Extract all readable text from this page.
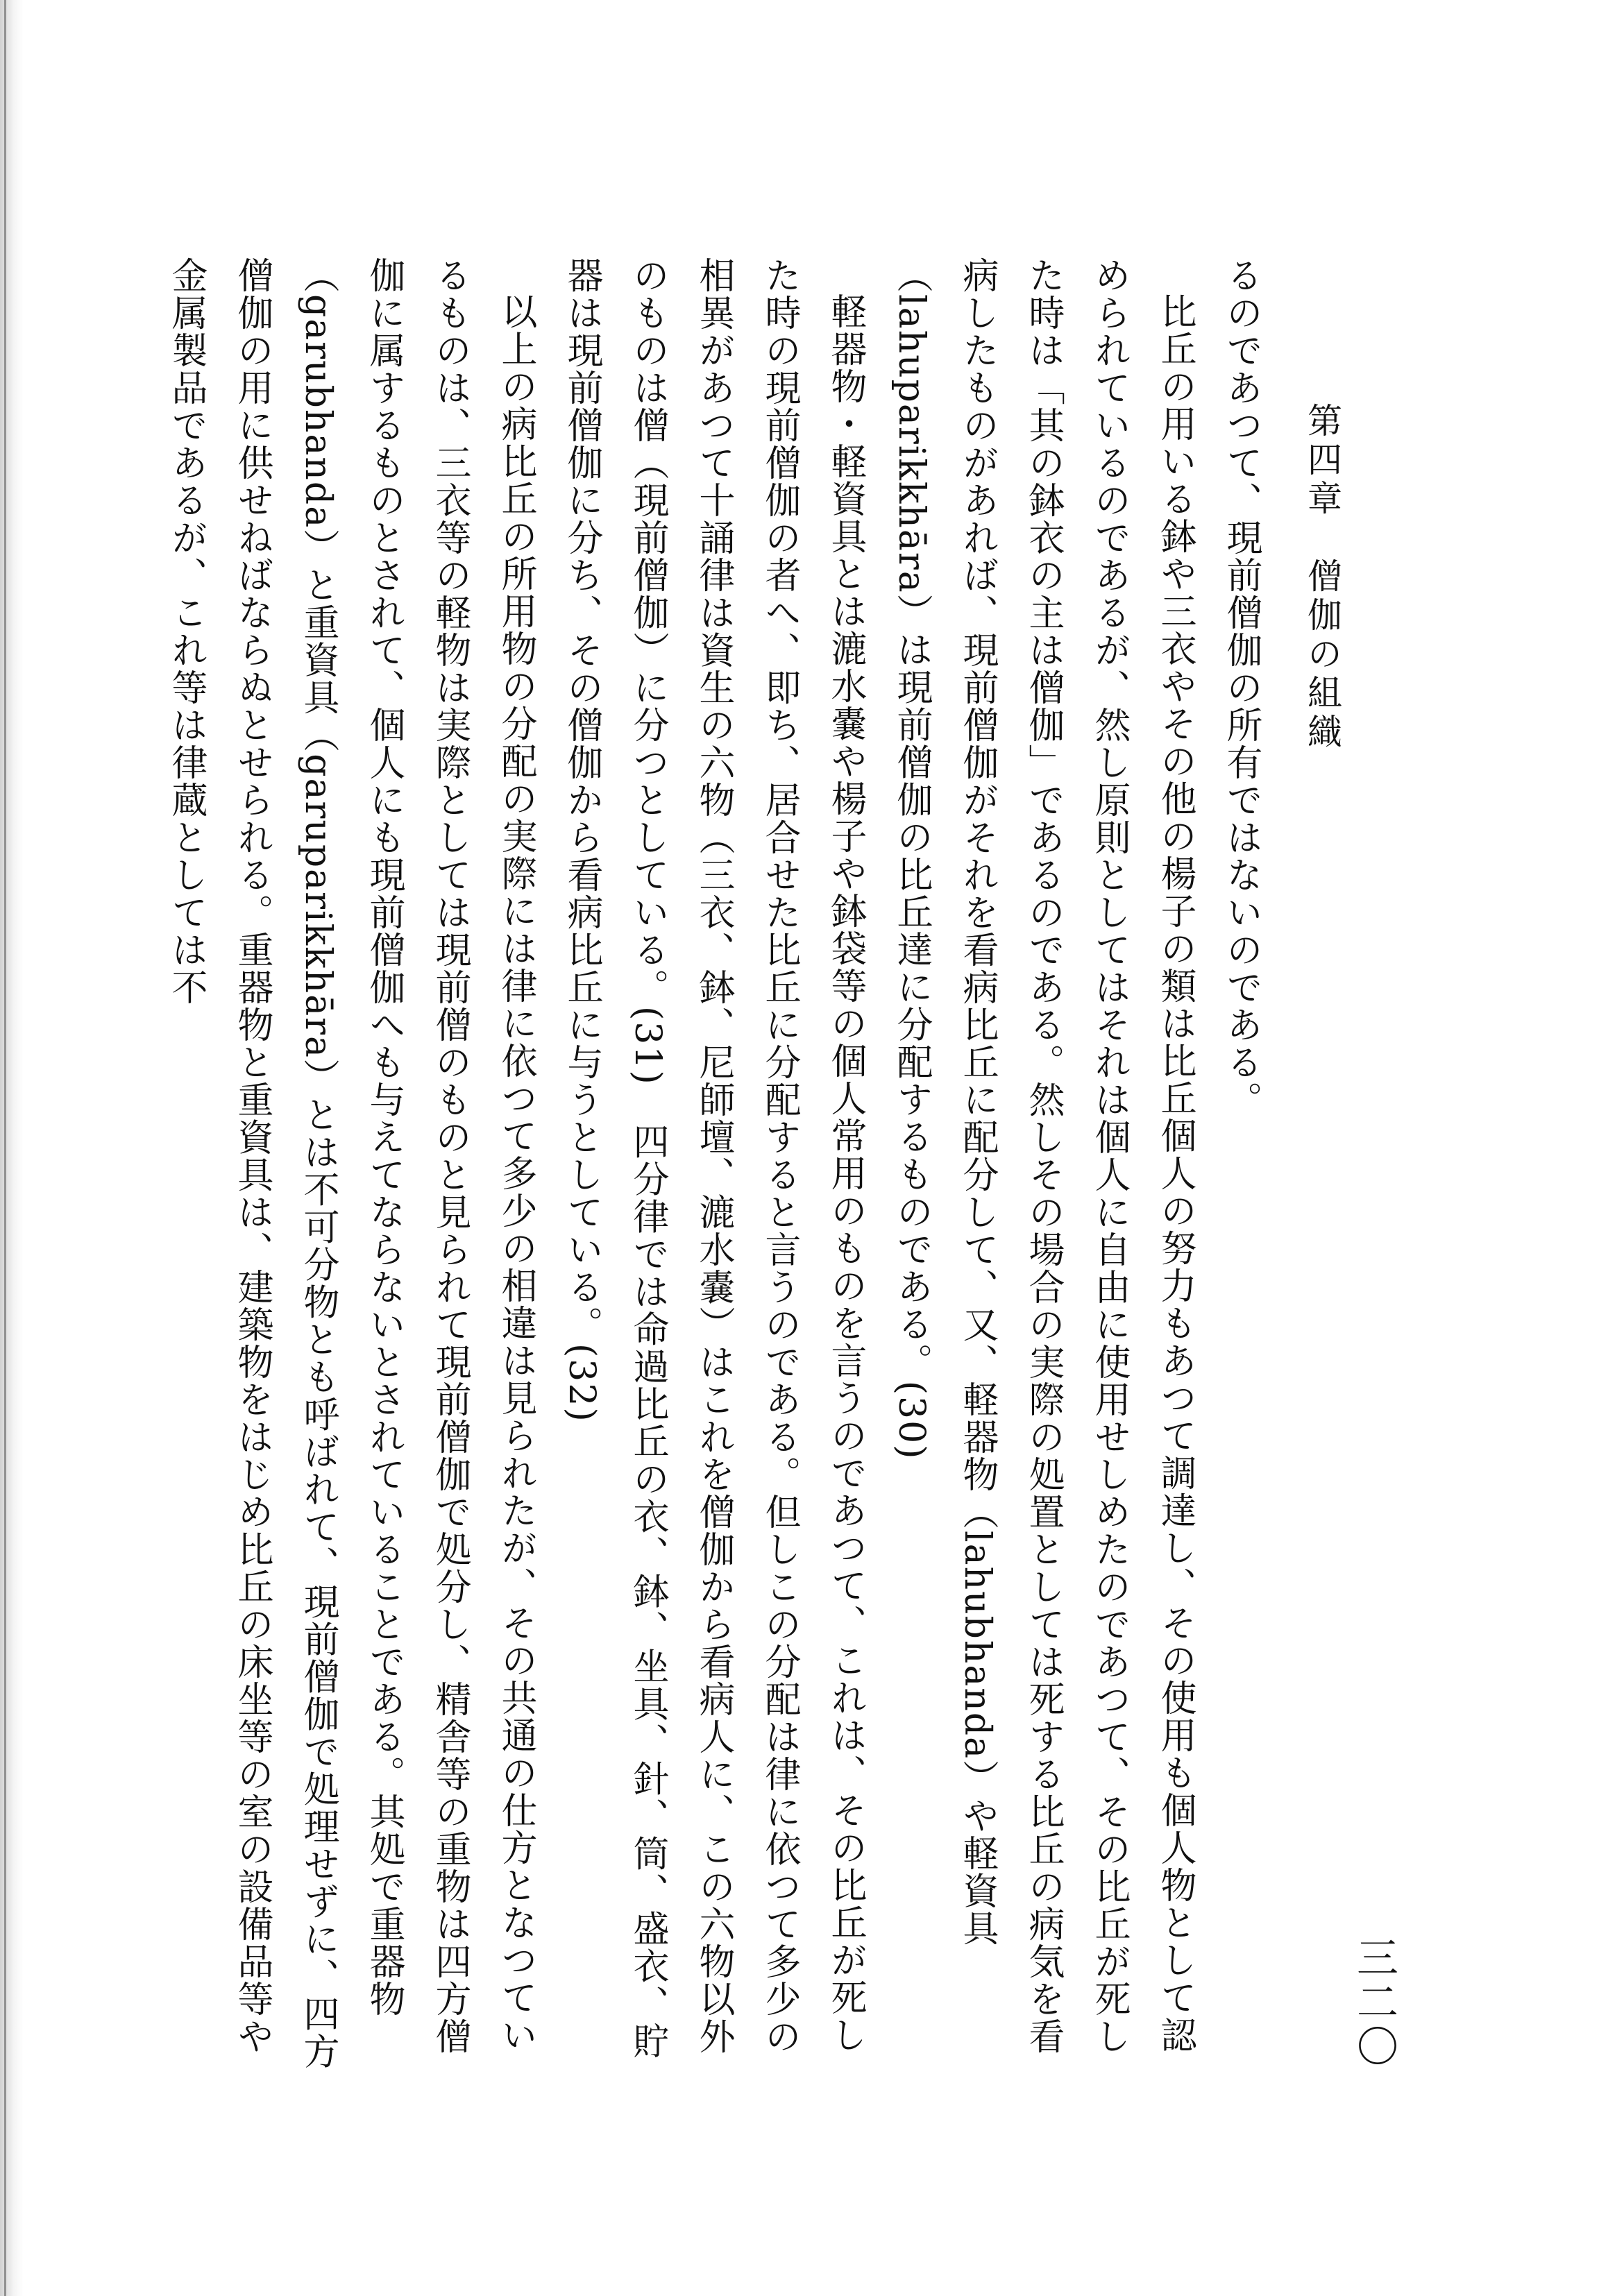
第四章　僧伽の組織
三二〇

るのであつて、現前僧伽の所有ではないのである。

比丘の用いる鉢や三衣やその他の楊子の類は比丘個人の努力もあつて調達し、その使用も個人物として認められているのであるが、然し原則としてはそれは個人に自由に使用せしめたのであつて、その比丘が死した時は「其の鉢衣の主は僧伽」であるのである。然しその場合の実際の処置としては死する比丘の病気を看病したものがあれば、現前僧伽がそれを看病比丘に配分して、又、軽器物（lahubhanda）や軽資具（lahuparikkhāra）は現前僧伽の比丘達に分配するものである。(30)

軽器物・軽資具とは漉水嚢や楊子や鉢袋等の個人常用のものを言うのであつて、これは、その比丘が死した時の現前僧伽の者へ、即ち、居合せた比丘に分配すると言うのである。但しこの分配は律に依つて多少の相異があつて十誦律は資生の六物（三衣、鉢、尼師壇、漉水嚢）はこれを僧伽から看病人に、この六物以外のものは僧（現前僧伽）に分つとしている。(31)　四分律では命過比丘の衣、鉢、坐具、針、筒、盛衣、貯器は現前僧伽に分ち、その僧伽から看病比丘に与うとしている。(32)

以上の病比丘の所用物の分配の実際には律に依つて多少の相違は見られたが、その共通の仕方となつているものは、三衣等の軽物は実際としては現前僧のものと見られて現前僧伽で処分し、精舎等の重物は四方僧伽に属するものとされて、個人にも現前僧伽へも与えてならないとされていることである。其処で重器物（garubhanda）と重資具（garuparikkhāra）とは不可分物とも呼ばれて、現前僧伽で処理せずに、四方僧伽の用に供せねばならぬとせられる。重器物と重資具は、建築物をはじめ比丘の床坐等の室の設備品等や金属製品であるが、これ等は律蔵としては不
